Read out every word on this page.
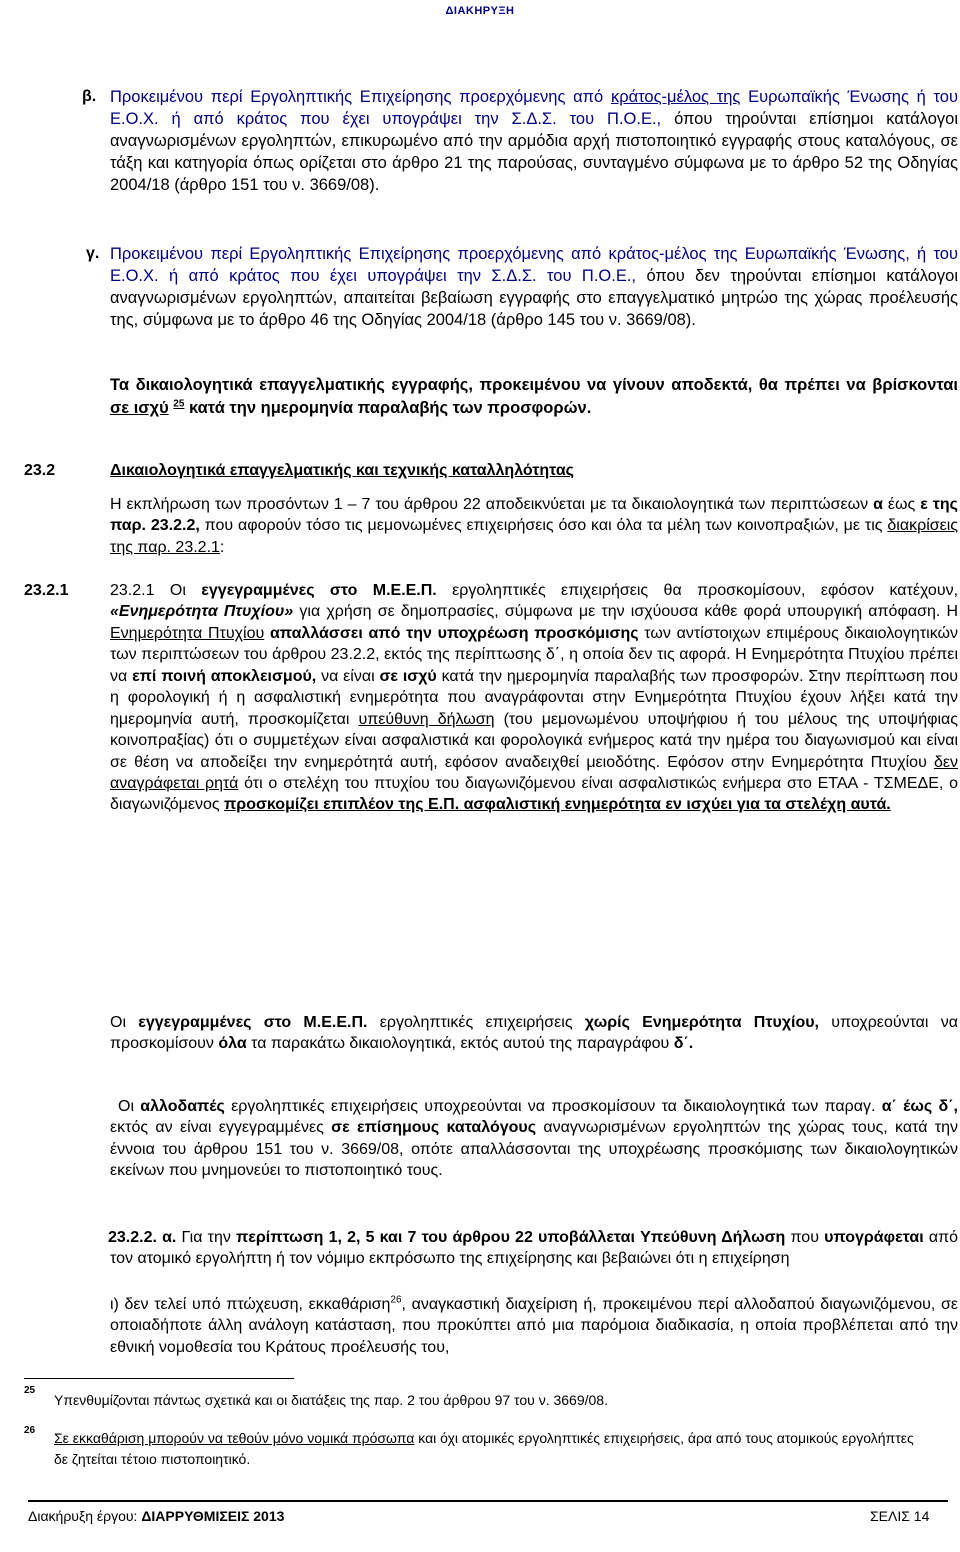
ΔΙΑΚΗΡΥΞΗ
β. Προκειμένου περί Εργοληπτικής Επιχείρησης προερχόμενης από κράτος-μέλος της Ευρωπαϊκής Ένωσης ή του Ε.Ο.Χ. ή από κράτος που έχει υπογράψει την Σ.Δ.Σ. του Π.Ο.Ε., όπου τηρούνται επίσημοι κατάλογοι αναγνωρισμένων εργοληπτών, επικυρωμένο από την αρμόδια αρχή πιστοποιητικό εγγραφής στους καταλόγους, σε τάξη και κατηγορία όπως ορίζεται στο άρθρο 21 της παρούσας, συνταγμένο σύμφωνα με το άρθρο 52 της Οδηγίας 2004/18 (άρθρο 151 του ν. 3669/08).
γ. Προκειμένου περί Εργοληπτικής Επιχείρησης προερχόμενης από κράτος-μέλος της Ευρωπαϊκής Ένωσης, ή του Ε.Ο.Χ. ή από κράτος που έχει υπογράψει την Σ.Δ.Σ. του Π.Ο.Ε., όπου δεν τηρούνται επίσημοι κατάλογοι αναγνωρισμένων εργοληπτών, απαιτείται βεβαίωση εγγραφής στο επαγγελματικό μητρώο της χώρας προέλευσής της, σύμφωνα με το άρθρο 46 της Οδηγίας 2004/18 (άρθρο 145 του ν. 3669/08).
Τα δικαιολογητικά επαγγελματικής εγγραφής, προκειμένου να γίνουν αποδεκτά, θα πρέπει να βρίσκονται σε ισχύ $^{25}$ κατά την ημερομηνία παραλαβής των προσφορών.
23.2	Δικαιολογητικά επαγγελματικής και τεχνικής καταλληλότητας
Η εκπλήρωση των προσόντων 1 – 7 του άρθρου 22 αποδεικνύεται με τα δικαιολογητικά των περιπτώσεων α έως ε της παρ. 23.2.2, που αφορούν τόσο τις μεμονωμένες επιχειρήσεις όσο και όλα τα μέλη των κοινοπραξιών, με τις διακρίσεις της παρ. 23.2.1:
23.2.1	23.2.1 Οι εγγεγραμμένες στο Μ.Ε.Ε.Π. εργοληπτικές επιχειρήσεις θα προσκομίσουν, εφόσον κατέχουν, «Ενημερότητα Πτυχίου» για χρήση σε δημοπρασίες, σύμφωνα με την ισχύουσα κάθε φορά υπουργική απόφαση. Η Ενημερότητα Πτυχίου απαλλάσσει από την υποχρέωση προσκόμισης των αντίστοιχων επιμέρους δικαιολογητικών των περιπτώσεων του άρθρου 23.2.2, εκτός της περίπτωσης δ΄, η οποία δεν τις αφορά. Η Ενημερότητα Πτυχίου πρέπει να επί ποινή αποκλεισμού, να είναι σε ισχύ κατά την ημερομηνία παραλαβής των προσφορών. Στην περίπτωση που η φορολογική ή η ασφαλιστική ενημερότητα που αναγράφονται στην Ενημερότητα Πτυχίου έχουν λήξει κατά την ημερομηνία αυτή, προσκομίζεται υπεύθυνη δήλωση (του μεμονωμένου υποψήφιου ή του μέλους της υποψήφιας κοινοπραξίας) ότι ο συμμετέχων είναι ασφαλιστικά και φορολογικά ενήμερος κατά την ημέρα του διαγωνισμού και είναι σε θέση να αποδείξει την ενημερότητά αυτή, εφόσον αναδειχθεί μειοδότης. Εφόσον στην Ενημερότητα Πτυχίου δεν αναγράφεται ρητά ότι ο στελέχη του πτυχίου του διαγωνιζόμενου είναι ασφαλιστικώς ενήμερα στο ΕΤΑΑ - ΤΣΜΕΔΕ, ο διαγωνιζόμενος προσκομίζει επιπλέον της Ε.Π. ασφαλιστική ενημερότητα εν ισχύει για τα στελέχη αυτά.
Οι εγγεγραμμένες στο Μ.Ε.Ε.Π. εργοληπτικές επιχειρήσεις χωρίς Ενημερότητα Πτυχίου, υποχρεούνται να προσκομίσουν όλα τα παρακάτω δικαιολογητικά, εκτός αυτού της παραγράφου δ΄.
Οι αλλοδαπές εργοληπτικές επιχειρήσεις υποχρεούνται να προσκομίσουν τα δικαιολογητικά των παραγ. α΄ έως δ΄, εκτός αν είναι εγγεγραμμένες σε επίσημους καταλόγους αναγνωρισμένων εργοληπτών της χώρας τους, κατά την έννοια του άρθρου 151 του ν. 3669/08, οπότε απαλλάσσονται της υποχρέωσης προσκόμισης των δικαιολογητικών εκείνων που μνημονεύει το πιστοποιητικό τους.
23.2.2. α. Για την περίπτωση 1, 2, 5 και 7 του άρθρου 22 υποβάλλεται Υπεύθυνη Δήλωση που υπογράφεται από τον ατομικό εργολήπτη ή τον νόμιμο εκπρόσωπο της επιχείρησης και βεβαιώνει ότι η επιχείρηση
ι) δεν τελεί υπό πτώχευση, εκκαθάριση$^{26}$, αναγκαστική διαχείριση ή, προκειμένου περί αλλοδαπού διαγωνιζόμενου, σε οποιαδήποτε άλλη ανάλογη κατάσταση, που προκύπτει από μια παρόμοια διαδικασία, η οποία προβλέπεται από την εθνική νομοθεσία του Κράτους προέλευσής του,
25
Υπενθυμίζονται πάντως σχετικά και οι διατάξεις της παρ. 2 του άρθρου 97 του ν. 3669/08.
26 Σε εκκαθάριση μπορούν να τεθούν μόνο νομικά πρόσωπα και όχι ατομικές εργοληπτικές επιχειρήσεις, άρα από τους ατομικούς εργολήπτες δε ζητείται τέτοιο πιστοποιητικό.
Διακήρυξη έργου: ΔΙΑΡΡΥΘΜΙΣΕΙΣ 2013	ΣΕΛΙΣ 14
